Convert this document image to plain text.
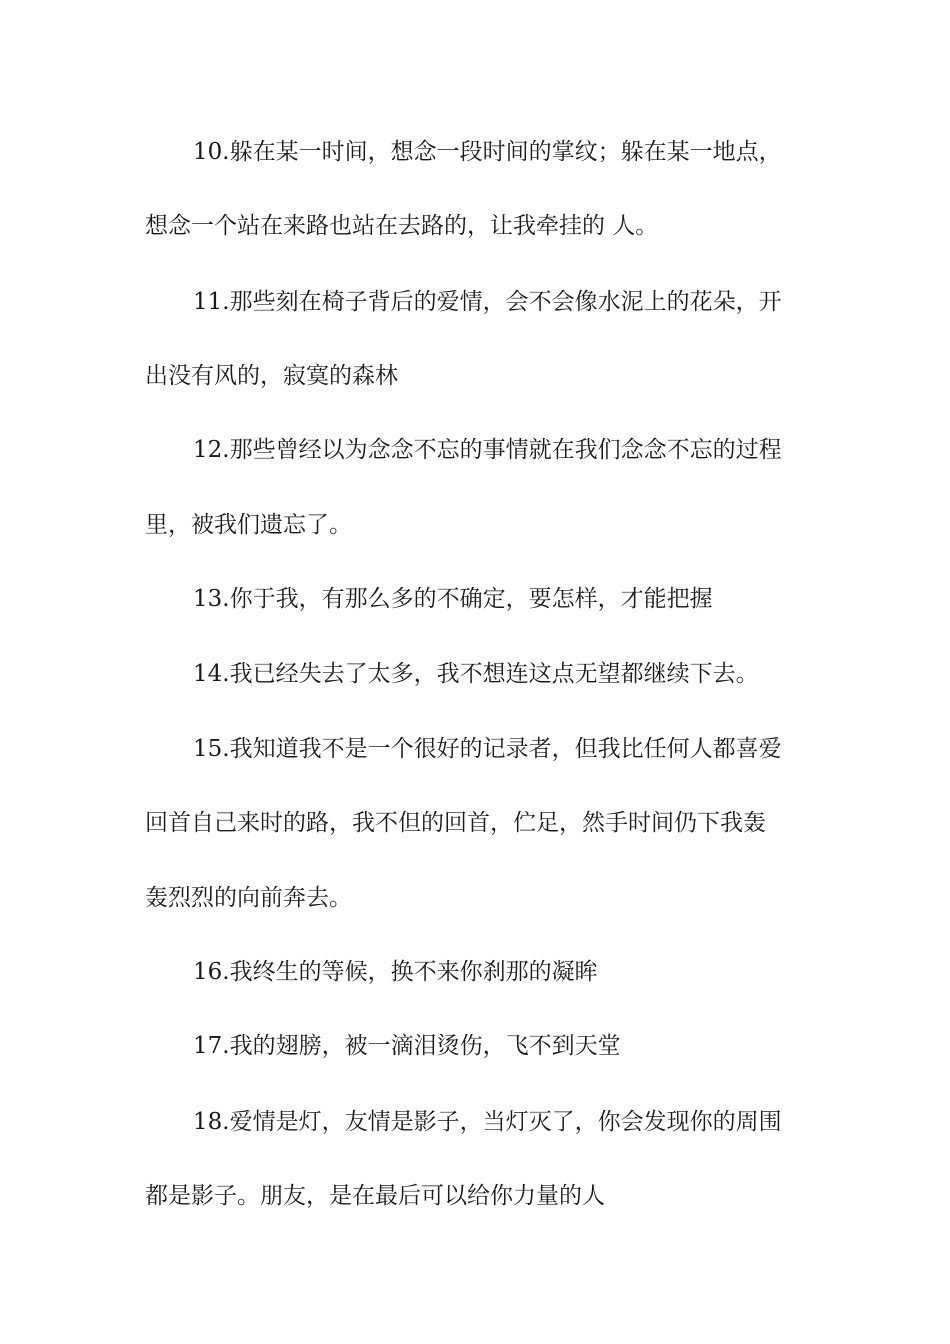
10.躲在某一时间，想念一段时间的掌纹；躲在某一地点，
想念一个站在来路也站在去路的，让我牵挂的 人。
11.那些刻在椅子背后的爱情，会不会像水泥上的花朵，开
出没有风的，寂寞的森林
12.那些曾经以为念念不忘的事情就在我们念念不忘的过程
里，被我们遗忘了。
13.你于我，有那么多的不确定，要怎样，才能把握
14.我已经失去了太多，我不想连这点无望都继续下去。
15.我知道我不是一个很好的记录者，但我比任何人都喜爱
回首自己来时的路，我不但的回首，伫足，然手时间仍下我轰
轰烈烈的向前奔去。
16.我终生的等候，换不来你刹那的凝眸
17.我的翅膀，被一滴泪烫伤，飞不到天堂
18.爱情是灯，友情是影子，当灯灭了，你会发现你的周围
都是影子。朋友，是在最后可以给你力量的人
